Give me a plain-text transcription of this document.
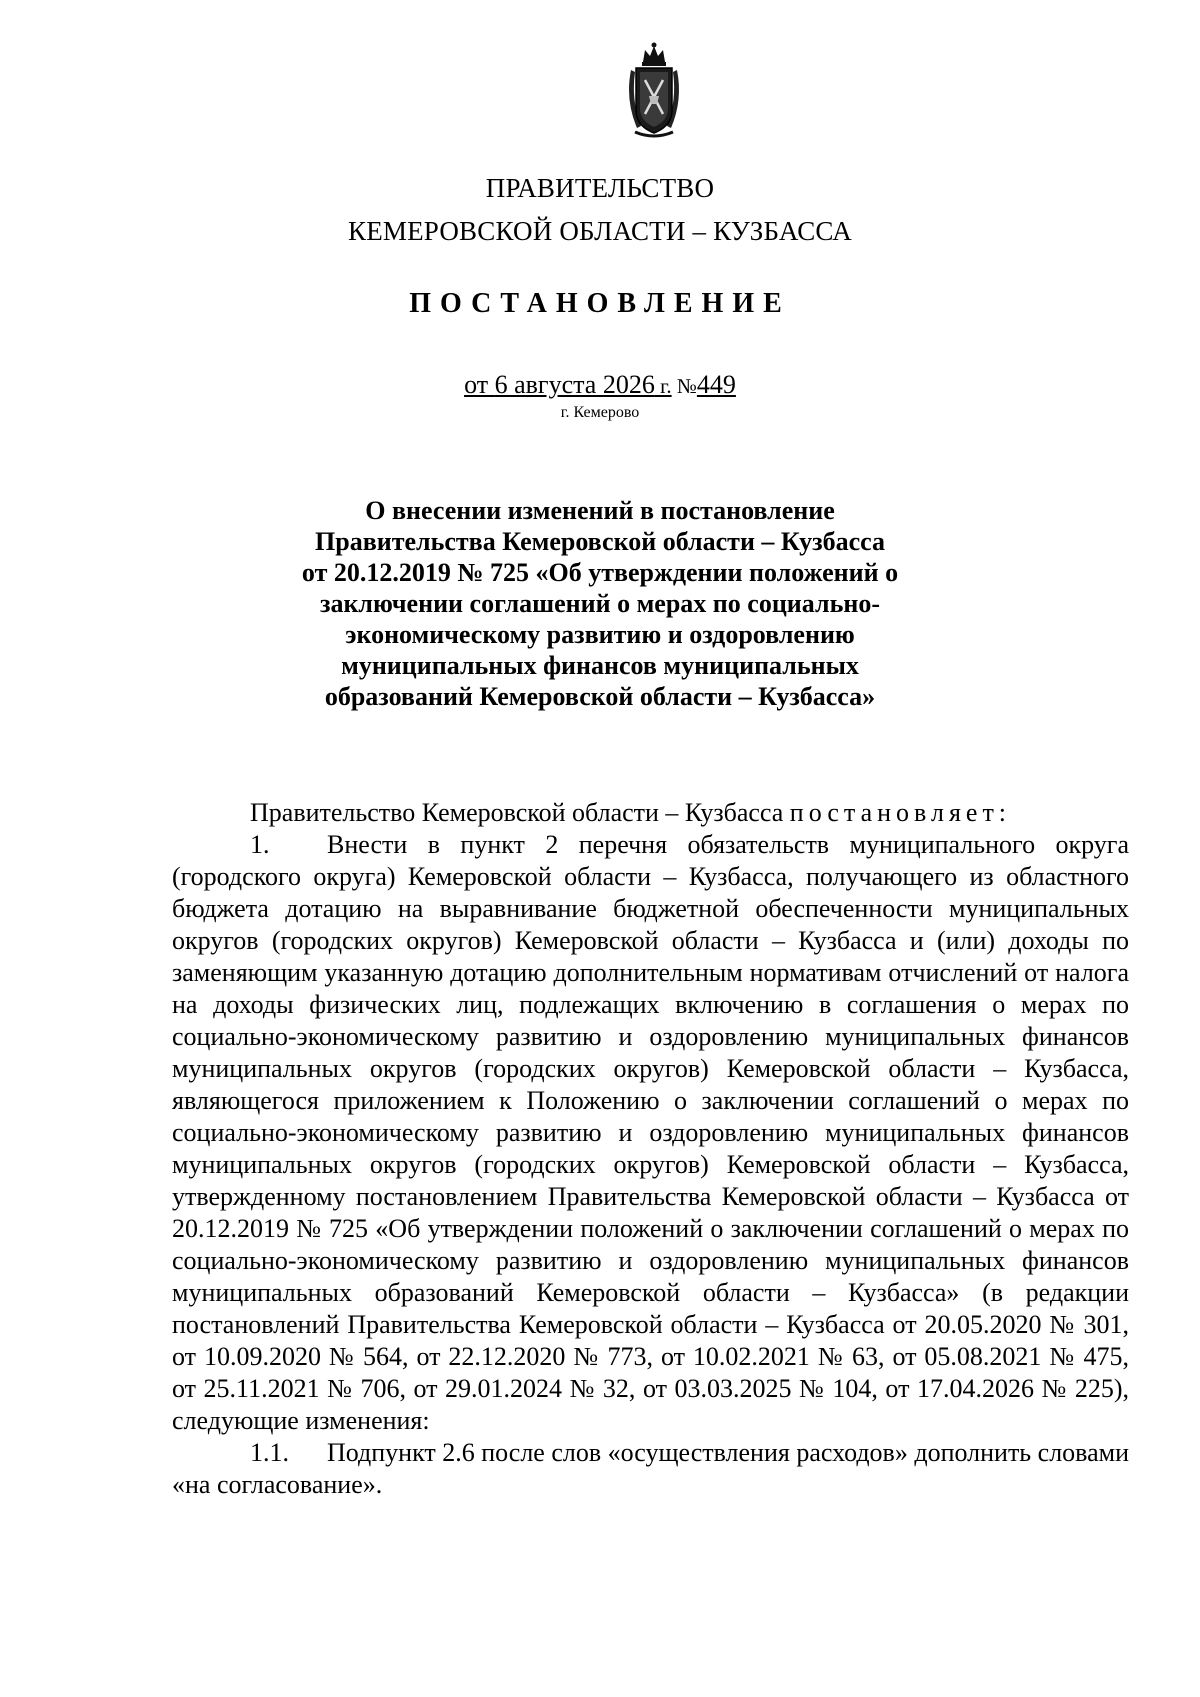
ПРАВИТЕЛЬСТВО
КЕМЕРОВСКОЙ ОБЛАСТИ – КУЗБАССА
ПОСТАНОВЛЕНИЕ
от 6 августа 2026 г. №449
г. Кемерово
О внесении изменений в постановление
Правительства Кемеровской области – Кузбасса
от 20.12.2019 № 725 «Об утверждении положений о
заключении соглашений о мерах по социально-
экономическому развитию и оздоровлению
муниципальных финансов муниципальных
образований Кемеровской области – Кузбасса»

Правительство Кемеровской области – Кузбасса постановляет:

1. Внести в пункт 2 перечня обязательств муниципального округа (городского округа) Кемеровской области – Кузбасса, получающего из областного бюджета дотацию на выравнивание бюджетной обеспеченности муниципальных округов (городских округов) Кемеровской области – Кузбасса и (или) доходы по заменяющим указанную дотацию дополнительным нормативам отчислений от налога на доходы физических лиц, подлежащих включению в соглашения о мерах по социально-экономическому развитию и оздоровлению муниципальных финансов муниципальных округов (городских округов) Кемеровской области – Кузбасса, являющегося приложением к Положению о заключении соглашений о мерах по социально-экономическому развитию и оздоровлению муниципальных финансов муниципальных округов (городских округов) Кемеровской области – Кузбасса, утвержденному постановлением Правительства Кемеровской области – Кузбасса от 20.12.2019 № 725 «Об утверждении положений о заключении соглашений о мерах по социально-экономическому развитию и оздоровлению муниципальных финансов муниципальных образований Кемеровской области – Кузбасса» (в редакции постановлений Правительства Кемеровской области – Кузбасса от 20.05.2020 № 301, от 10.09.2020 № 564, от 22.12.2020 № 773, от 10.02.2021 № 63, от 05.08.2021 № 475, от 25.11.2021 № 706, от 29.01.2024 № 32, от 03.03.2025 № 104, от 17.04.2026 № 225), следующие изменения:

1.1. Подпункт 2.6 после слов «осуществления расходов» дополнить словами «на согласование».
